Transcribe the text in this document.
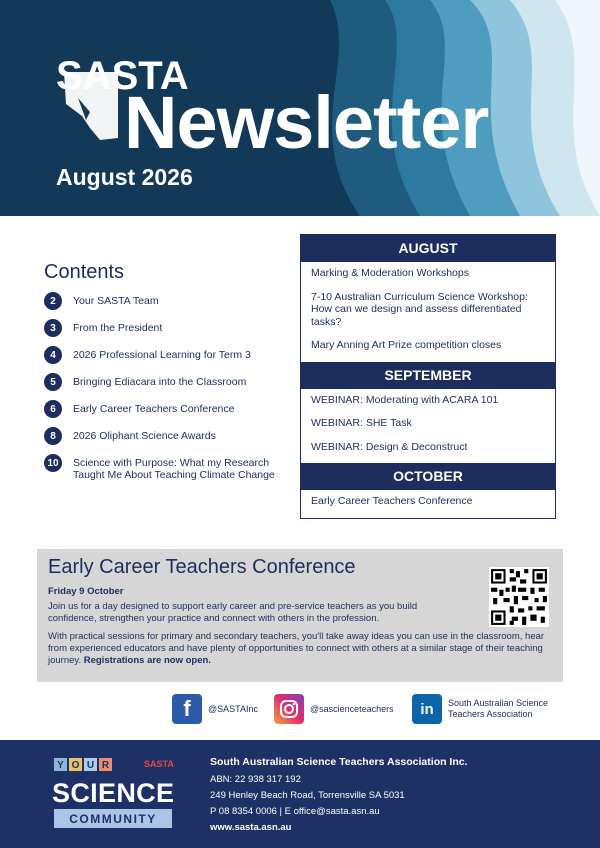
SASTA
Newsletter
August 2026
Contents
2	Your SASTA Team
3	From the President
4	2026 Professional Learning for Term 3
5	Bringing Ediacara into the Classroom
6	Early Career Teachers Conference
8	2026 Oliphant Science Awards
10	Science with Purpose: What my Research Taught Me About Teaching Climate Change
AUGUST
Marking & Moderation Workshops
7-10 Australian Curriculum Science Workshop: How can we design and assess differentiated tasks?
Mary Anning Art Prize competition closes
SEPTEMBER
WEBINAR: Moderating with ACARA 101
WEBINAR: SHE Task
WEBINAR: Design & Deconstruct
OCTOBER
Early Career Teachers Conference
Early Career Teachers Conference
Friday 9 October

Join us for a day designed to support early career and pre-service teachers as you build confidence, strengthen your practice and connect with others in the profession.

With practical sessions for primary and secondary teachers, you'll take away ideas you can use in the classroom, hear from experienced educators and have plenty of opportunities to connect with others at a similar stage of their teaching journey. Registrations are now open.

f	@SASTAInc	@sascienceteachers	in	South Australian Science Teachers Association
Y O U R	SASTA
SCIENCE
COMMUNITY
South Australian Science Teachers Association Inc.
ABN: 22 938 317 192
249 Henley Beach Road, Torrensville SA 5031
P 08 8354 0006 | E office@sasta.asn.au
www.sasta.asn.au
